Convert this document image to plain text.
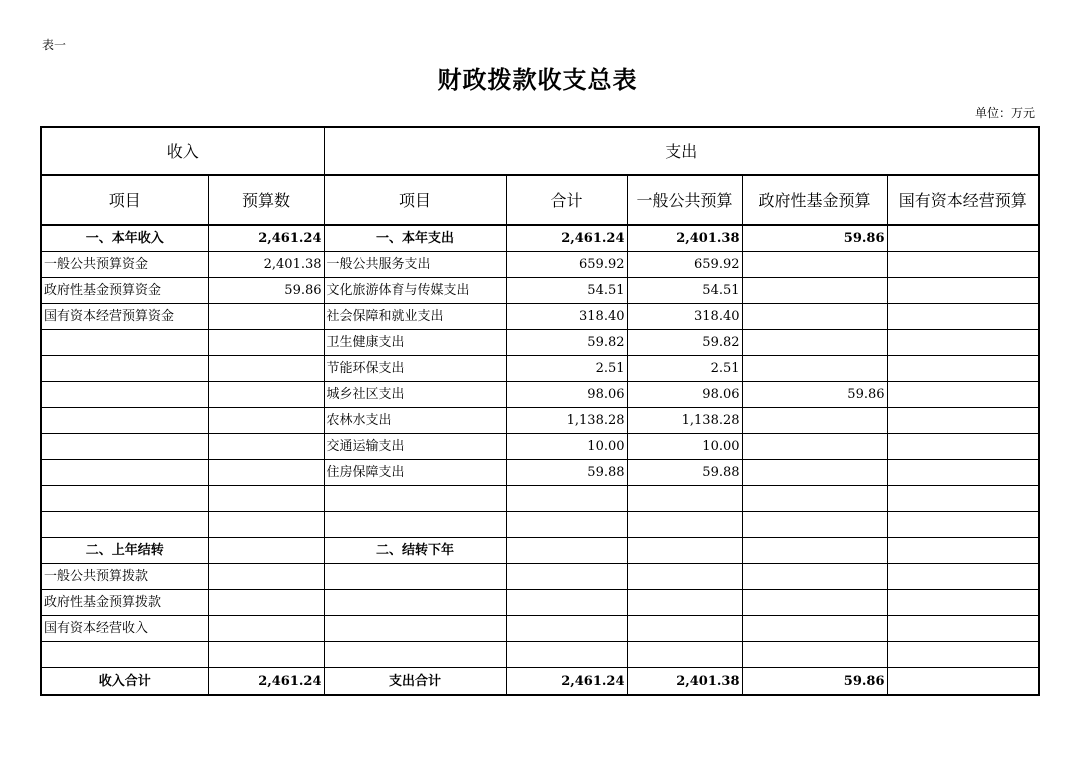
表一
财政拨款收支总表
单位：万元
收入		支出				
项目	预算数	项目	合计	一般公共预算	政府性基金预算	国有资本经营预算
一、本年收入	2,461.24	一、本年支出	2,461.24	2,401.38	59.86	
一般公共预算资金	2,401.38	一般公共服务支出	659.92	659.92		
政府性基金预算资金	59.86	文化旅游体育与传媒支出	54.51	54.51		
国有资本经营预算资金		社会保障和就业支出	318.40	318.40		
		卫生健康支出	59.82	59.82		
		节能环保支出	2.51	2.51		
		城乡社区支出	98.06	98.06	59.86	
		农林水支出	1,138.28	1,138.28		
		交通运输支出	10.00	10.00		
		住房保障支出	59.88	59.88		

二、上年结转		二、结转下年				
一般公共预算拨款						
政府性基金预算拨款						
国有资本经营收入						

收入合计	2,461.24	支出合计	2,461.24	2,401.38	59.86	
